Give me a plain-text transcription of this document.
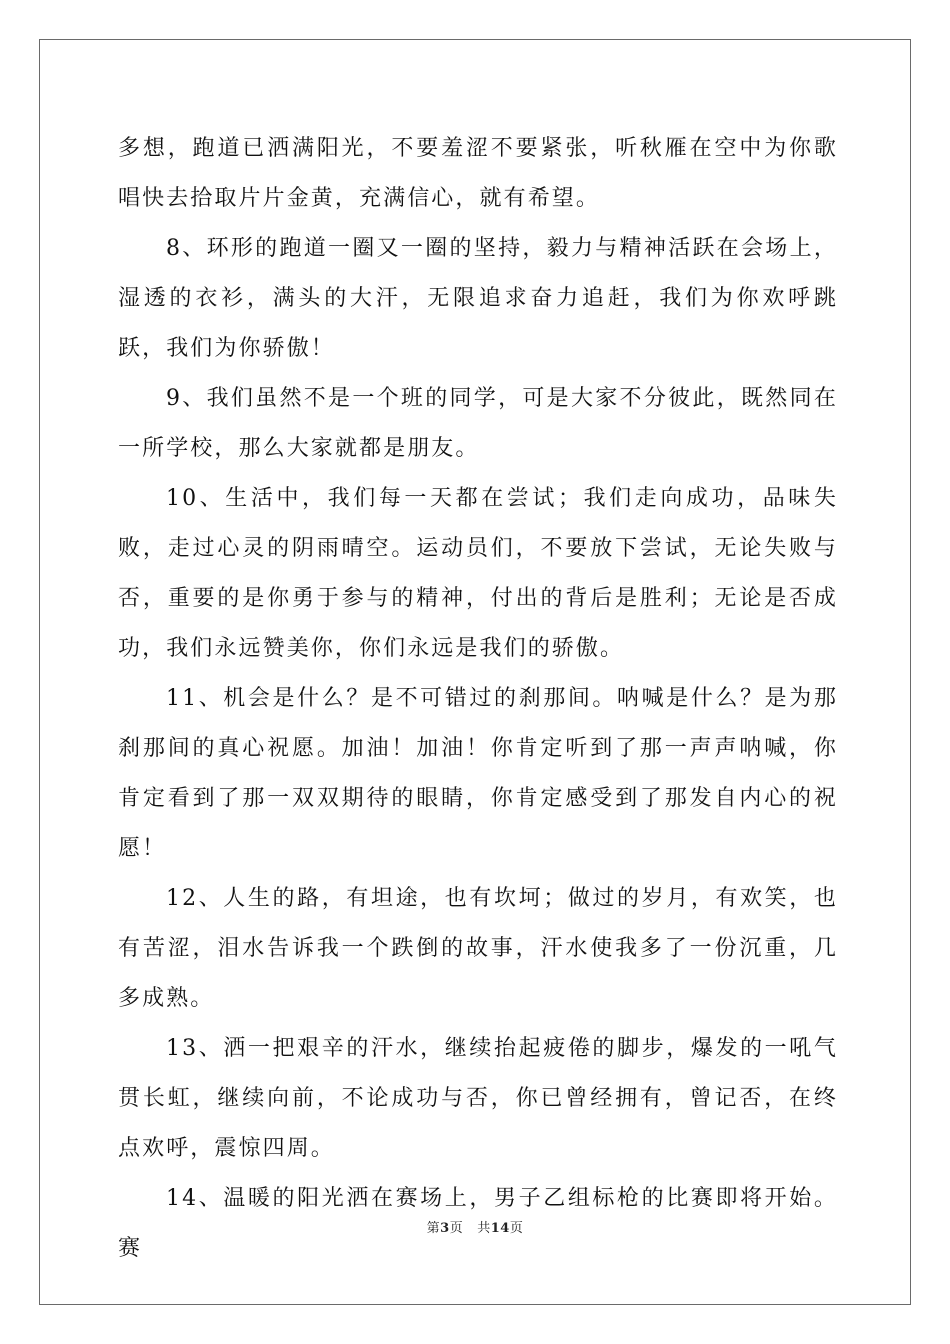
多想，跑道已洒满阳光，不要羞涩不要紧张，听秋雁在空中为你歌唱快去拾取片片金黄，充满信心，就有希望。

8、环形的跑道一圈又一圈的坚持，毅力与精神活跃在会场上，湿透的衣衫，满头的大汗，无限追求奋力追赶，我们为你欢呼跳跃，我们为你骄傲！

9、我们虽然不是一个班的同学，可是大家不分彼此，既然同在一所学校，那么大家就都是朋友。

10、生活中，我们每一天都在尝试；我们走向成功，品味失败，走过心灵的阴雨晴空。运动员们，不要放下尝试，无论失败与否，重要的是你勇于参与的精神，付出的背后是胜利；无论是否成功，我们永远赞美你，你们永远是我们的骄傲。

11、机会是什么？是不可错过的刹那间。呐喊是什么？是为那刹那间的真心祝愿。加油！加油！你肯定听到了那一声声呐喊，你肯定看到了那一双双期待的眼睛，你肯定感受到了那发自内心的祝愿！

12、人生的路，有坦途，也有坎坷；做过的岁月，有欢笑，也有苦涩，泪水告诉我一个跌倒的故事，汗水使我多了一份沉重，几多成熟。

13、洒一把艰辛的汗水，继续抬起疲倦的脚步，爆发的一吼气贯长虹，继续向前，不论成功与否，你已曾经拥有，曾记否，在终点欢呼，震惊四周。

14、温暖的阳光洒在赛场上，男子乙组标枪的比赛即将开始。赛

第3页 共14页
